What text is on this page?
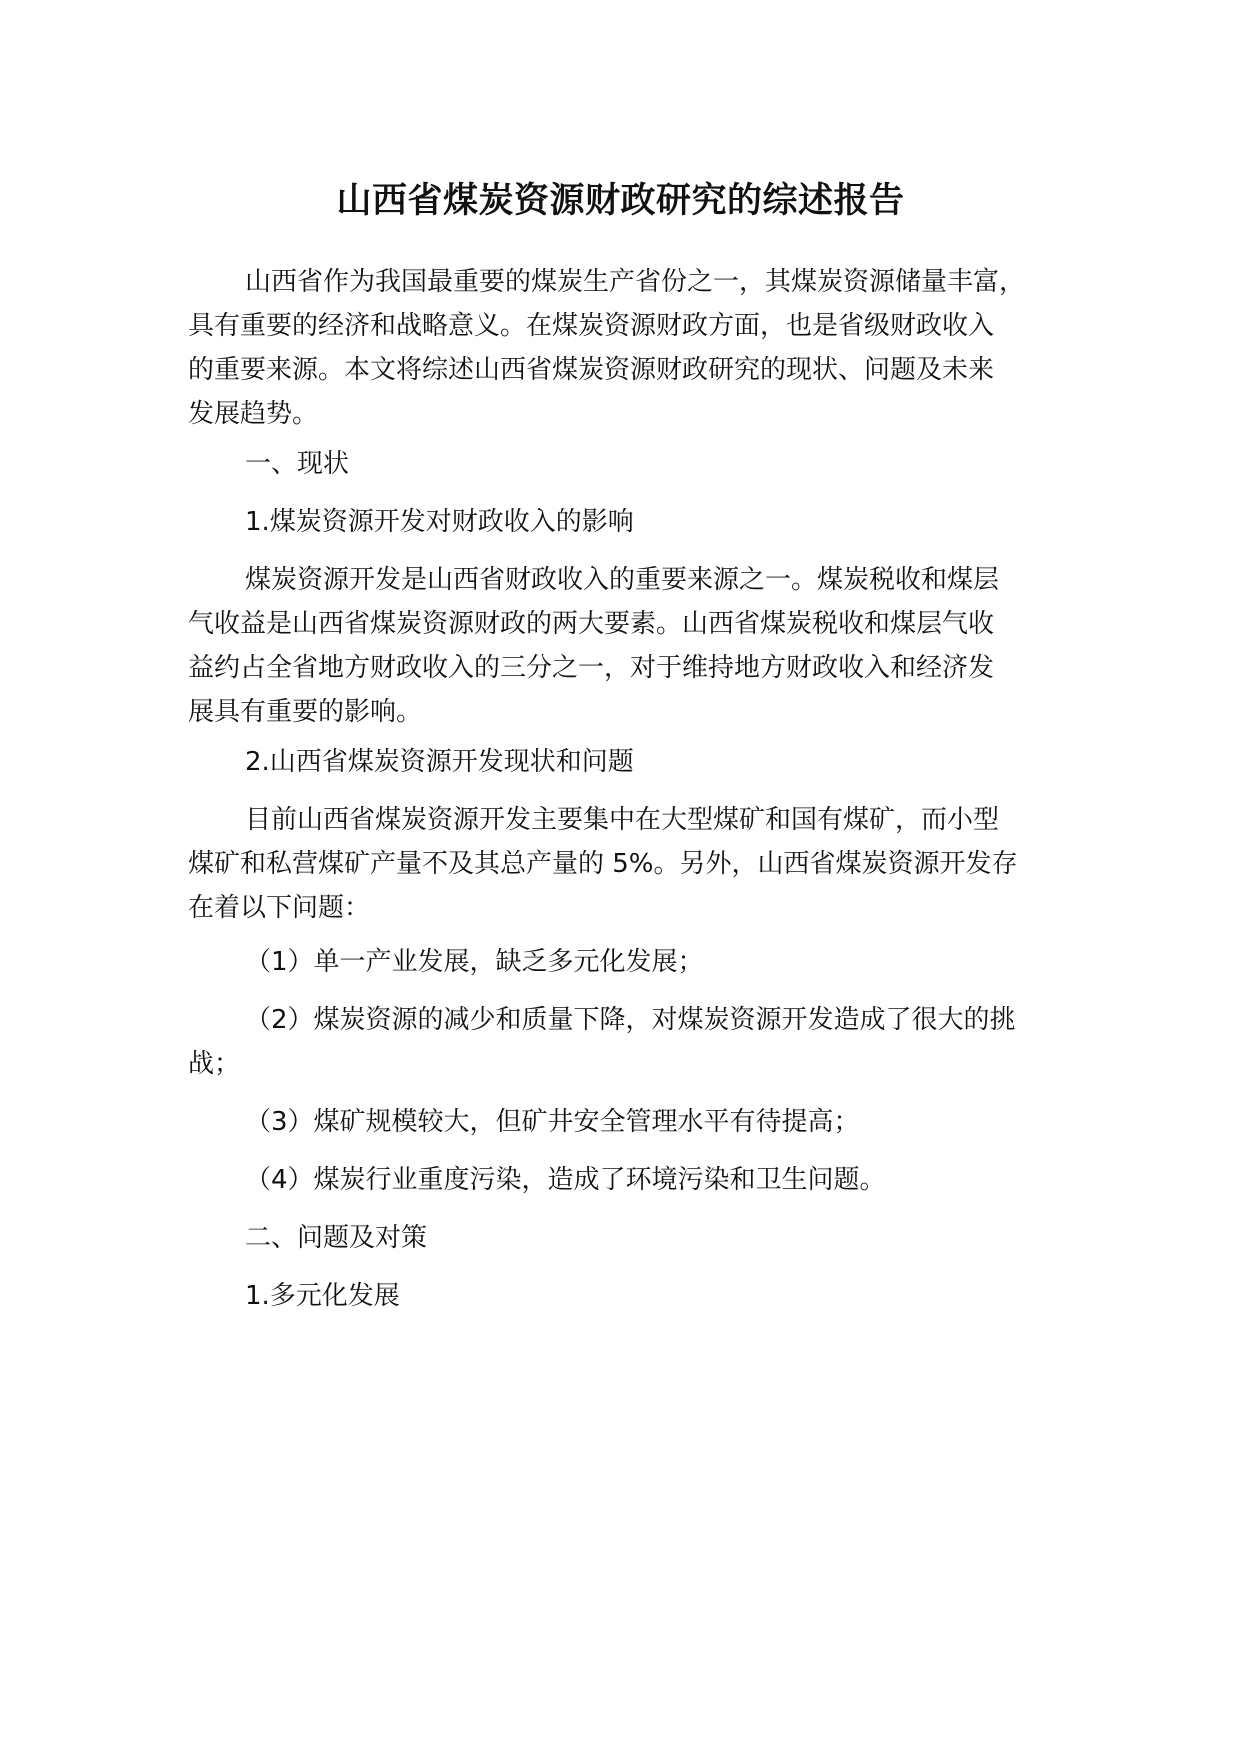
山西省煤炭资源财政研究的综述报告
山西省作为我国最重要的煤炭生产省份之一，其煤炭资源储量丰富，
具有重要的经济和战略意义。在煤炭资源财政方面，也是省级财政收入
的重要来源。本文将综述山西省煤炭资源财政研究的现状、问题及未来
发展趋势。
一、现状
1.煤炭资源开发对财政收入的影响
煤炭资源开发是山西省财政收入的重要来源之一。煤炭税收和煤层
气收益是山西省煤炭资源财政的两大要素。山西省煤炭税收和煤层气收
益约占全省地方财政收入的三分之一，对于维持地方财政收入和经济发
展具有重要的影响。
2.山西省煤炭资源开发现状和问题
目前山西省煤炭资源开发主要集中在大型煤矿和国有煤矿，而小型
煤矿和私营煤矿产量不及其总产量的 5%。另外，山西省煤炭资源开发存
在着以下问题：
（1）单一产业发展，缺乏多元化发展；
（2）煤炭资源的减少和质量下降，对煤炭资源开发造成了很大的挑
战；
（3）煤矿规模较大，但矿井安全管理水平有待提高；
（4）煤炭行业重度污染，造成了环境污染和卫生问题。
二、问题及对策
1.多元化发展
